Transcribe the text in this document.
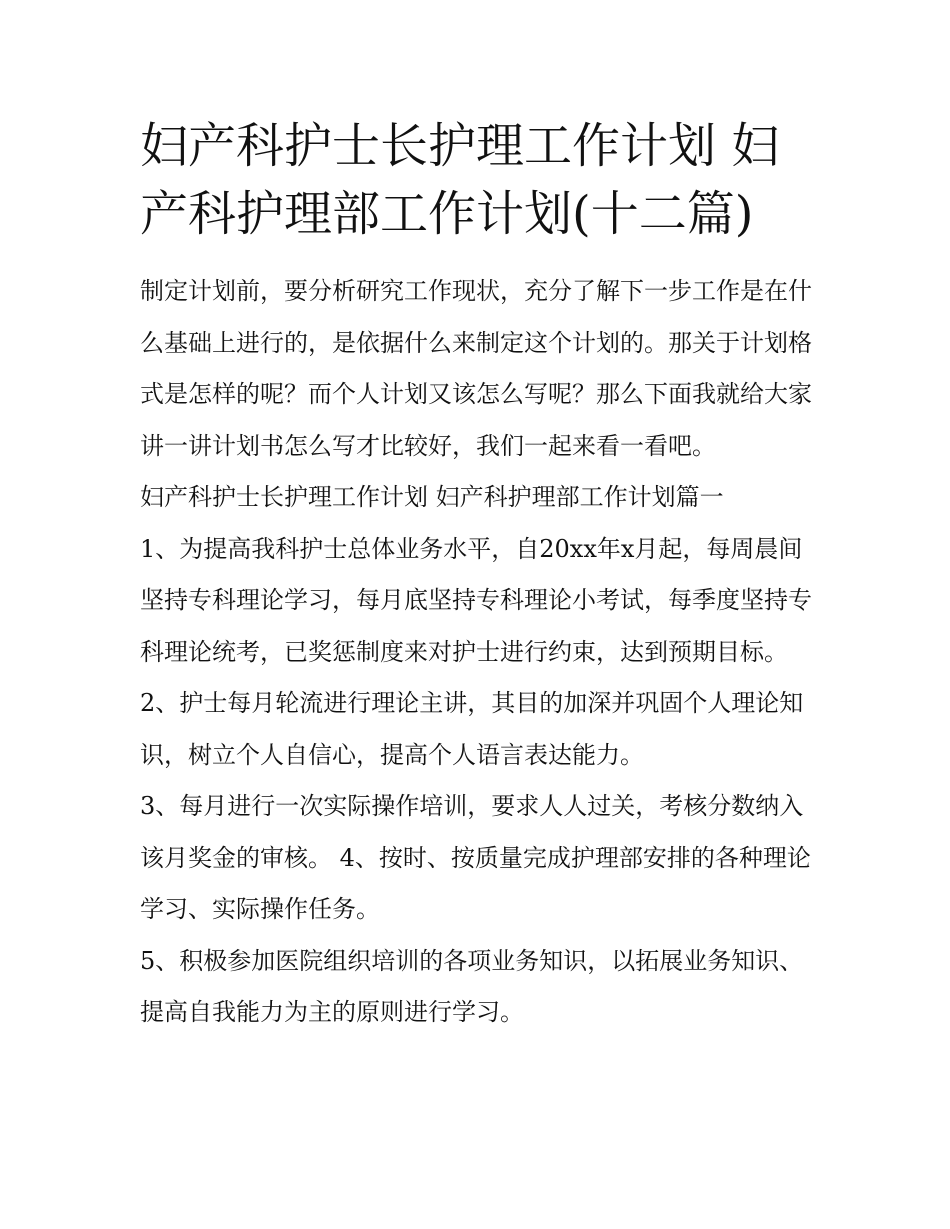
妇产科护士长护理工作计划 妇产科护理部工作计划(十二篇)

制定计划前，要分析研究工作现状，充分了解下一步工作是在什么基础上进行的，是依据什么来制定这个计划的。那关于计划格式是怎样的呢？而个人计划又该怎么写呢？那么下面我就给大家讲一讲计划书怎么写才比较好，我们一起来看一看吧。

妇产科护士长护理工作计划 妇产科护理部工作计划篇一

1、为提高我科护士总体业务水平，自20xx年x月起，每周晨间坚持专科理论学习，每月底坚持专科理论小考试，每季度坚持专科理论统考，已奖惩制度来对护士进行约束，达到预期目标。

2、护士每月轮流进行理论主讲，其目的加深并巩固个人理论知识，树立个人自信心，提高个人语言表达能力。

3、每月进行一次实际操作培训，要求人人过关，考核分数纳入该月奖金的审核。 4、按时、按质量完成护理部安排的各种理论学习、实际操作任务。

5、积极参加医院组织培训的各项业务知识，以拓展业务知识、提高自我能力为主的原则进行学习。
